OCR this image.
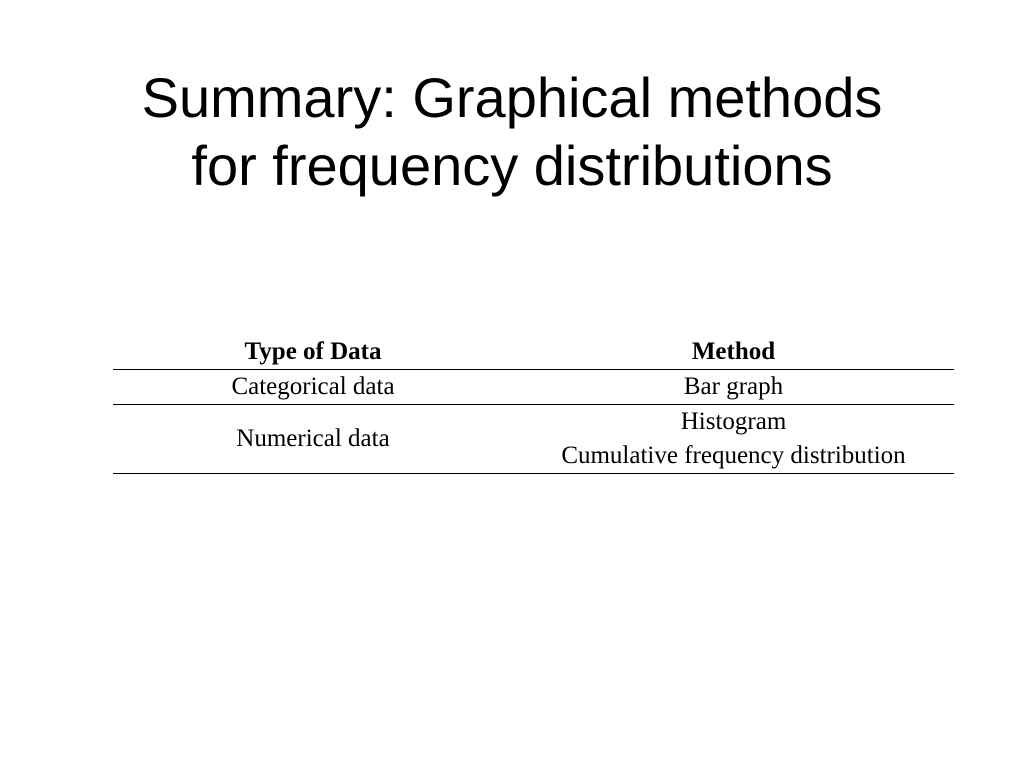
Summary: Graphical methods
for frequency distributions
Type of Data	Method
Categorical data	Bar graph

Numerical data	Histogram
Cumulative frequency distribution
